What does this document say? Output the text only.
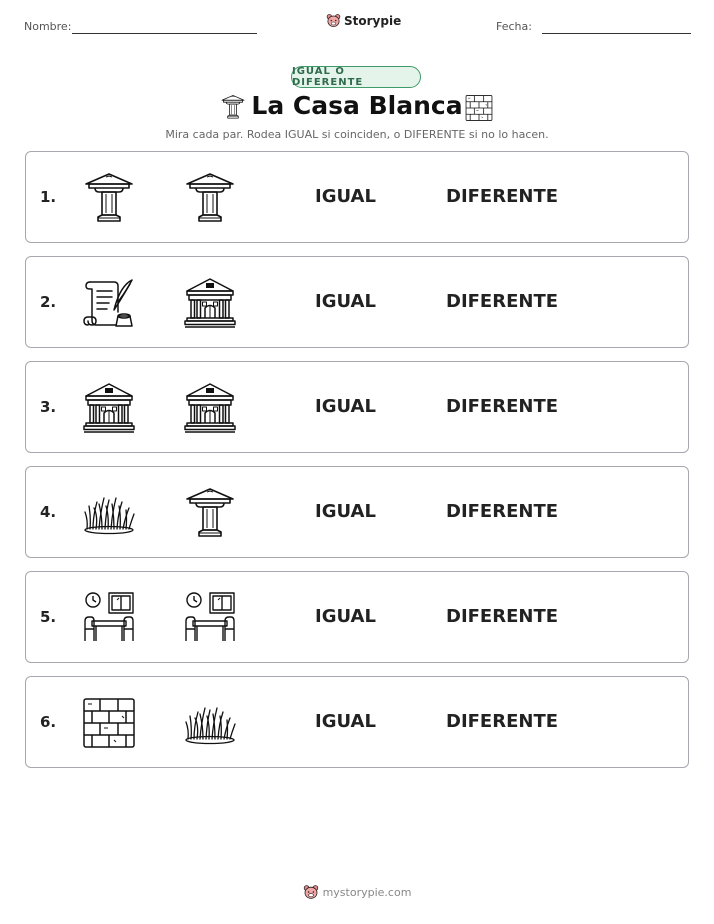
Nombre:	Storypie	Fecha:
IGUAL O DIFERENTE
La Casa Blanca
Mira cada par. Rodea IGUAL si coinciden, o DIFERENTE si no lo hacen.
1.	IGUAL	DIFERENTE
2.	IGUAL	DIFERENTE
3.	IGUAL	DIFERENTE
4.	IGUAL	DIFERENTE
5.	IGUAL	DIFERENTE
6.	IGUAL	DIFERENTE
mystorypie.com
